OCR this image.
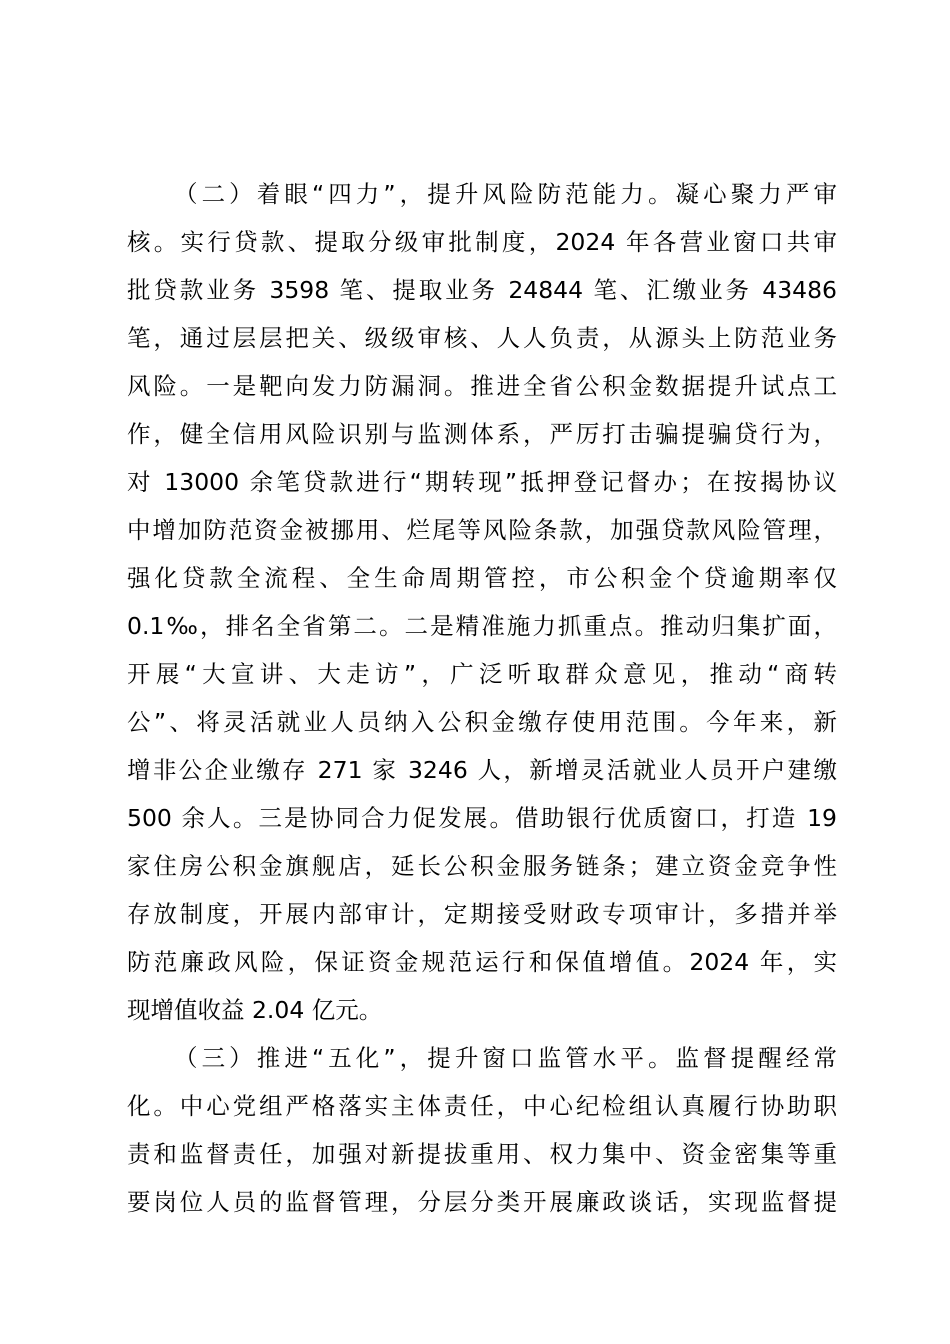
（二）着眼“四力”，提升风险防范能力。凝心聚力严审
核。实行贷款、提取分级审批制度，2024 年各营业窗口共审
批贷款业务 3598 笔、提取业务 24844 笔、汇缴业务 43486
笔，通过层层把关、级级审核、人人负责，从源头上防范业务
风险。一是靶向发力防漏洞。推进全省公积金数据提升试点工
作，健全信用风险识别与监测体系，严厉打击骗提骗贷行为，
对 13000 余笔贷款进行“期转现”抵押登记督办；在按揭协议
中增加防范资金被挪用、烂尾等风险条款，加强贷款风险管理，
强化贷款全流程、全生命周期管控，市公积金个贷逾期率仅
0.1‰，排名全省第二。二是精准施力抓重点。推动归集扩面，
开展“大宣讲、大走访”，广泛听取群众意见，推动“商转
公”、将灵活就业人员纳入公积金缴存使用范围。今年来，新
增非公企业缴存 271 家 3246 人，新增灵活就业人员开户建缴
500 余人。三是协同合力促发展。借助银行优质窗口，打造 19
家住房公积金旗舰店，延长公积金服务链条；建立资金竞争性
存放制度，开展内部审计，定期接受财政专项审计，多措并举
防范廉政风险，保证资金规范运行和保值增值。2024 年，实
现增值收益 2.04 亿元。
（三）推进“五化”，提升窗口监管水平。监督提醒经常
化。中心党组严格落实主体责任，中心纪检组认真履行协助职
责和监督责任，加强对新提拔重用、权力集中、资金密集等重
要岗位人员的监督管理，分层分类开展廉政谈话，实现监督提
